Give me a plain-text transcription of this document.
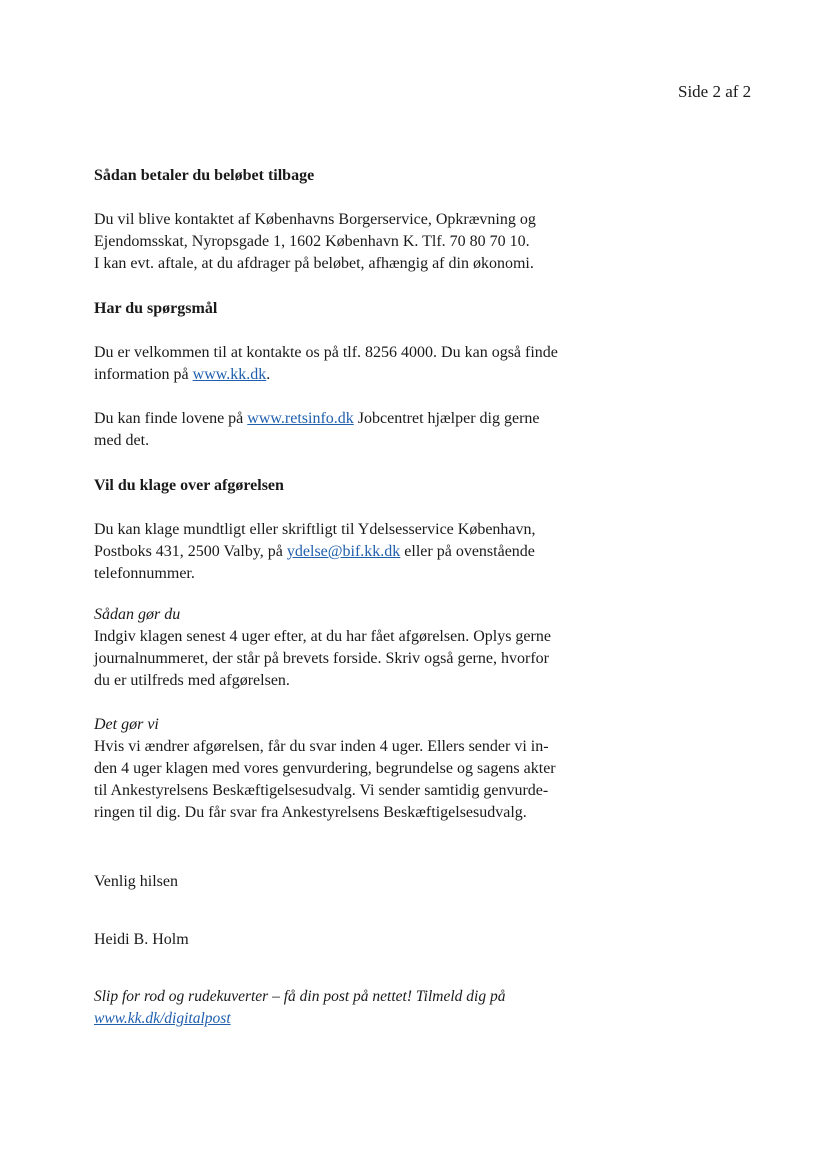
Side 2 af 2
Sådan betaler du beløbet tilbage
Du vil blive kontaktet af Københavns Borgerservice, Opkrævning og
Ejendomsskat, Nyropsgade 1, 1602 København K. Tlf. 70 80 70 10.
I kan evt. aftale, at du afdrager på beløbet, afhængig af din økonomi.
Har du spørgsmål
Du er velkommen til at kontakte os på tlf. 8256 4000. Du kan også finde
information på www.kk.dk.
Du kan finde lovene på www.retsinfo.dk Jobcentret hjælper dig gerne
med det.
Vil du klage over afgørelsen
Du kan klage mundtligt eller skriftligt til Ydelsesservice København,
Postboks 431, 2500 Valby, på ydelse@bif.kk.dk eller på ovenstående
telefonnummer.
Sådan gør du
Indgiv klagen senest 4 uger efter, at du har fået afgørelsen. Oplys gerne
journalnummeret, der står på brevets forside. Skriv også gerne, hvorfor
du er utilfreds med afgørelsen.
Det gør vi
Hvis vi ændrer afgørelsen, får du svar inden 4 uger. Ellers sender vi in-
den 4 uger klagen med vores genvurdering, begrundelse og sagens akter
til Ankestyrelsens Beskæftigelsesudvalg. Vi sender samtidig genvurde-
ringen til dig. Du får svar fra Ankestyrelsens Beskæftigelsesudvalg.
Venlig hilsen
Heidi B. Holm
Slip for rod og rudekuverter – få din post på nettet! Tilmeld dig på
www.kk.dk/digitalpost
